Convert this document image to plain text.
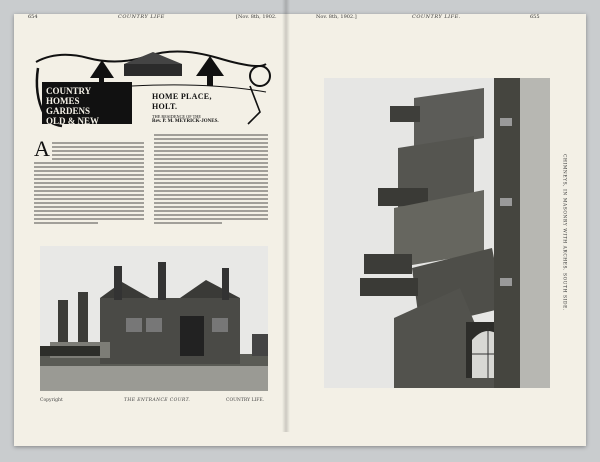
654	COUNTRY LIFE	[Nov. 8th, 1902.
COUNTRY
HOMES
GARDENS
OLD & NEW
HOME PLACE,
HOLT.
THE RESIDENCE OF THE
Rev. P. M. MEYRICK-JONES.
A
Copyright	THE ENTRANCE COURT.	COUNTRY LIFE.
Nov. 8th, 1902.]	COUNTRY LIFE.	655
CHIMNEYS, IN MASONRY WITH ARCHES. SOUTH SIDE.
